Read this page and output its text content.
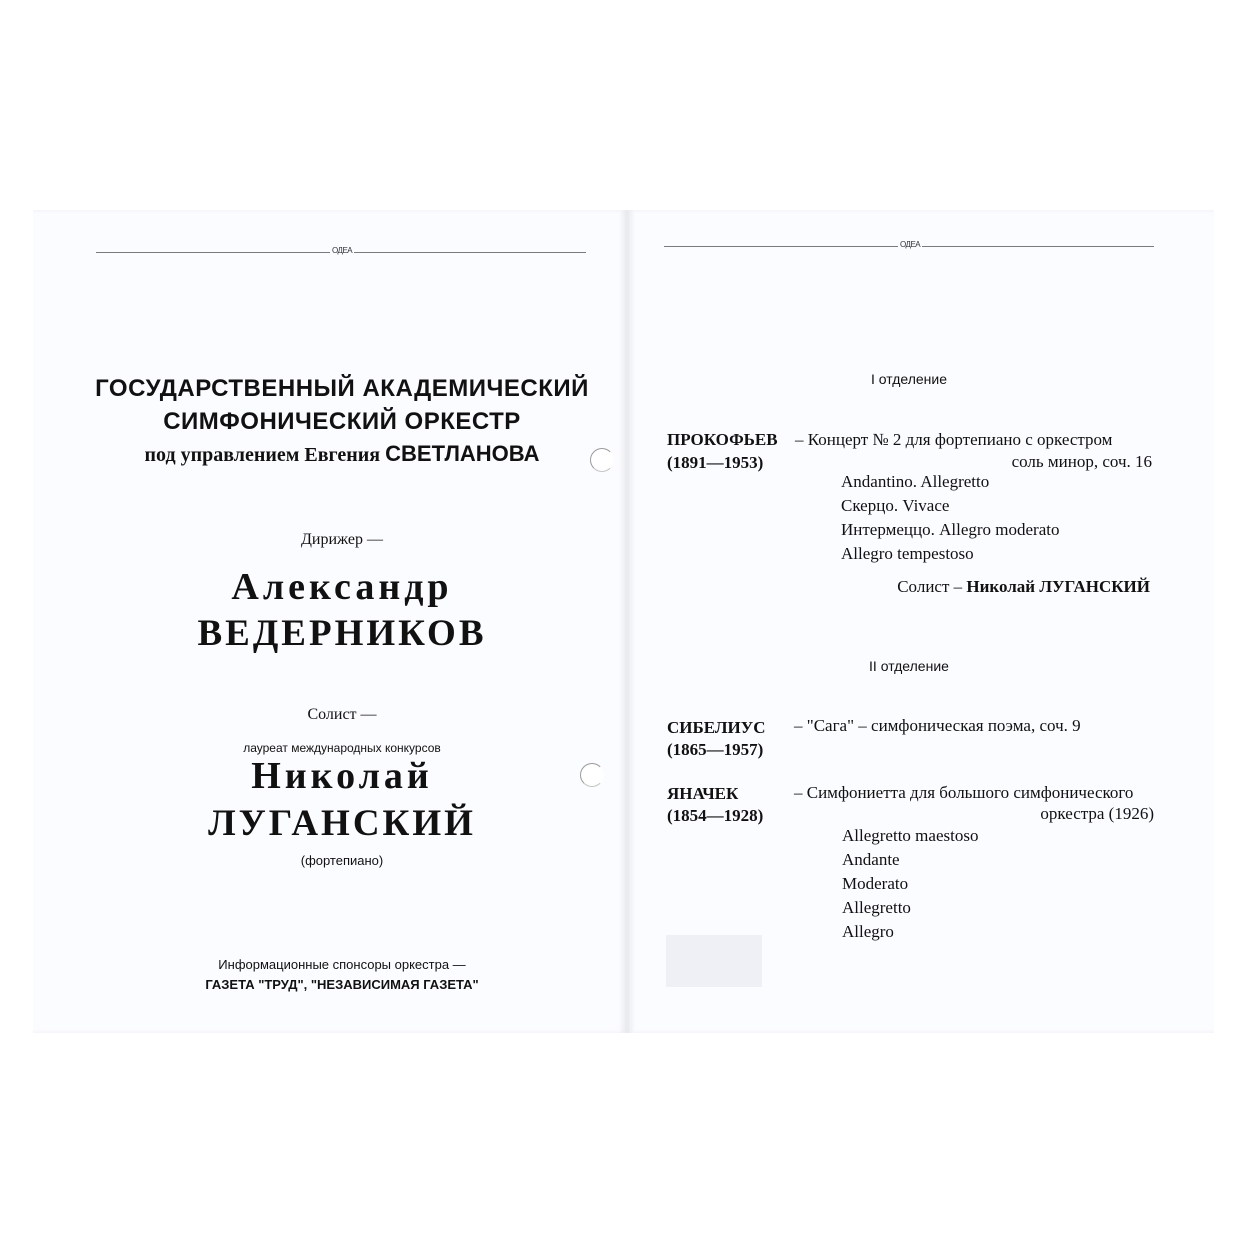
ОДЕА

ГОСУДАРСТВЕННЫЙ АКАДЕМИЧЕСКИЙ
СИМФОНИЧЕСКИЙ ОРКЕСТР
под управлением Евгения СВЕТЛАНОВА
Дирижер —
Александр
ВЕДЕРНИКОВ
Солист —
лауреат международных конкурсов
Николай
ЛУГАНСКИЙ
(фортепиано)
Информационные спонсоры оркестра —
ГАЗЕТА "ТРУД", "НЕЗАВИСИМАЯ ГАЗЕТА"
ОДЕА
I отделение
ПРОКОФЬЕВ
(1891—1953)
– Концерт № 2 для фортепиано с оркестром
соль минор, соч. 16
Andantino. Allegretto
Скерцо. Vivace
Интермеццо. Allegro moderato
Allegro tempestoso
Солист – Николай ЛУГАНСКИЙ
II отделение
СИБЕЛИУС
(1865—1957)
– "Сага" – симфоническая поэма, соч. 9
ЯНАЧЕК
(1854—1928)
– Симфониетта для большого симфонического
оркестра (1926)
Allegretto maestoso
Andante
Moderato
Allegretto
Allegro
